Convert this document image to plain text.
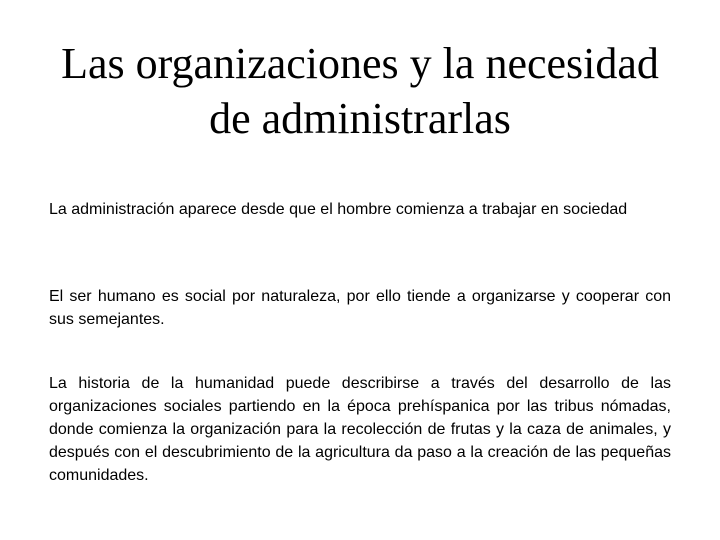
Las organizaciones y la necesidad de administrarlas

La administración aparece desde que el hombre comienza a trabajar en sociedad

El ser humano es social por naturaleza, por ello tiende a organizarse y cooperar con sus semejantes.

La historia de la humanidad puede describirse a través del desarrollo de las organizaciones sociales partiendo en la época prehíspanica por las tribus nómadas, donde comienza la organización para la recolección de frutas y la caza de animales, y después con el descubrimiento de la agricultura da paso a la creación de las pequeñas comunidades.
